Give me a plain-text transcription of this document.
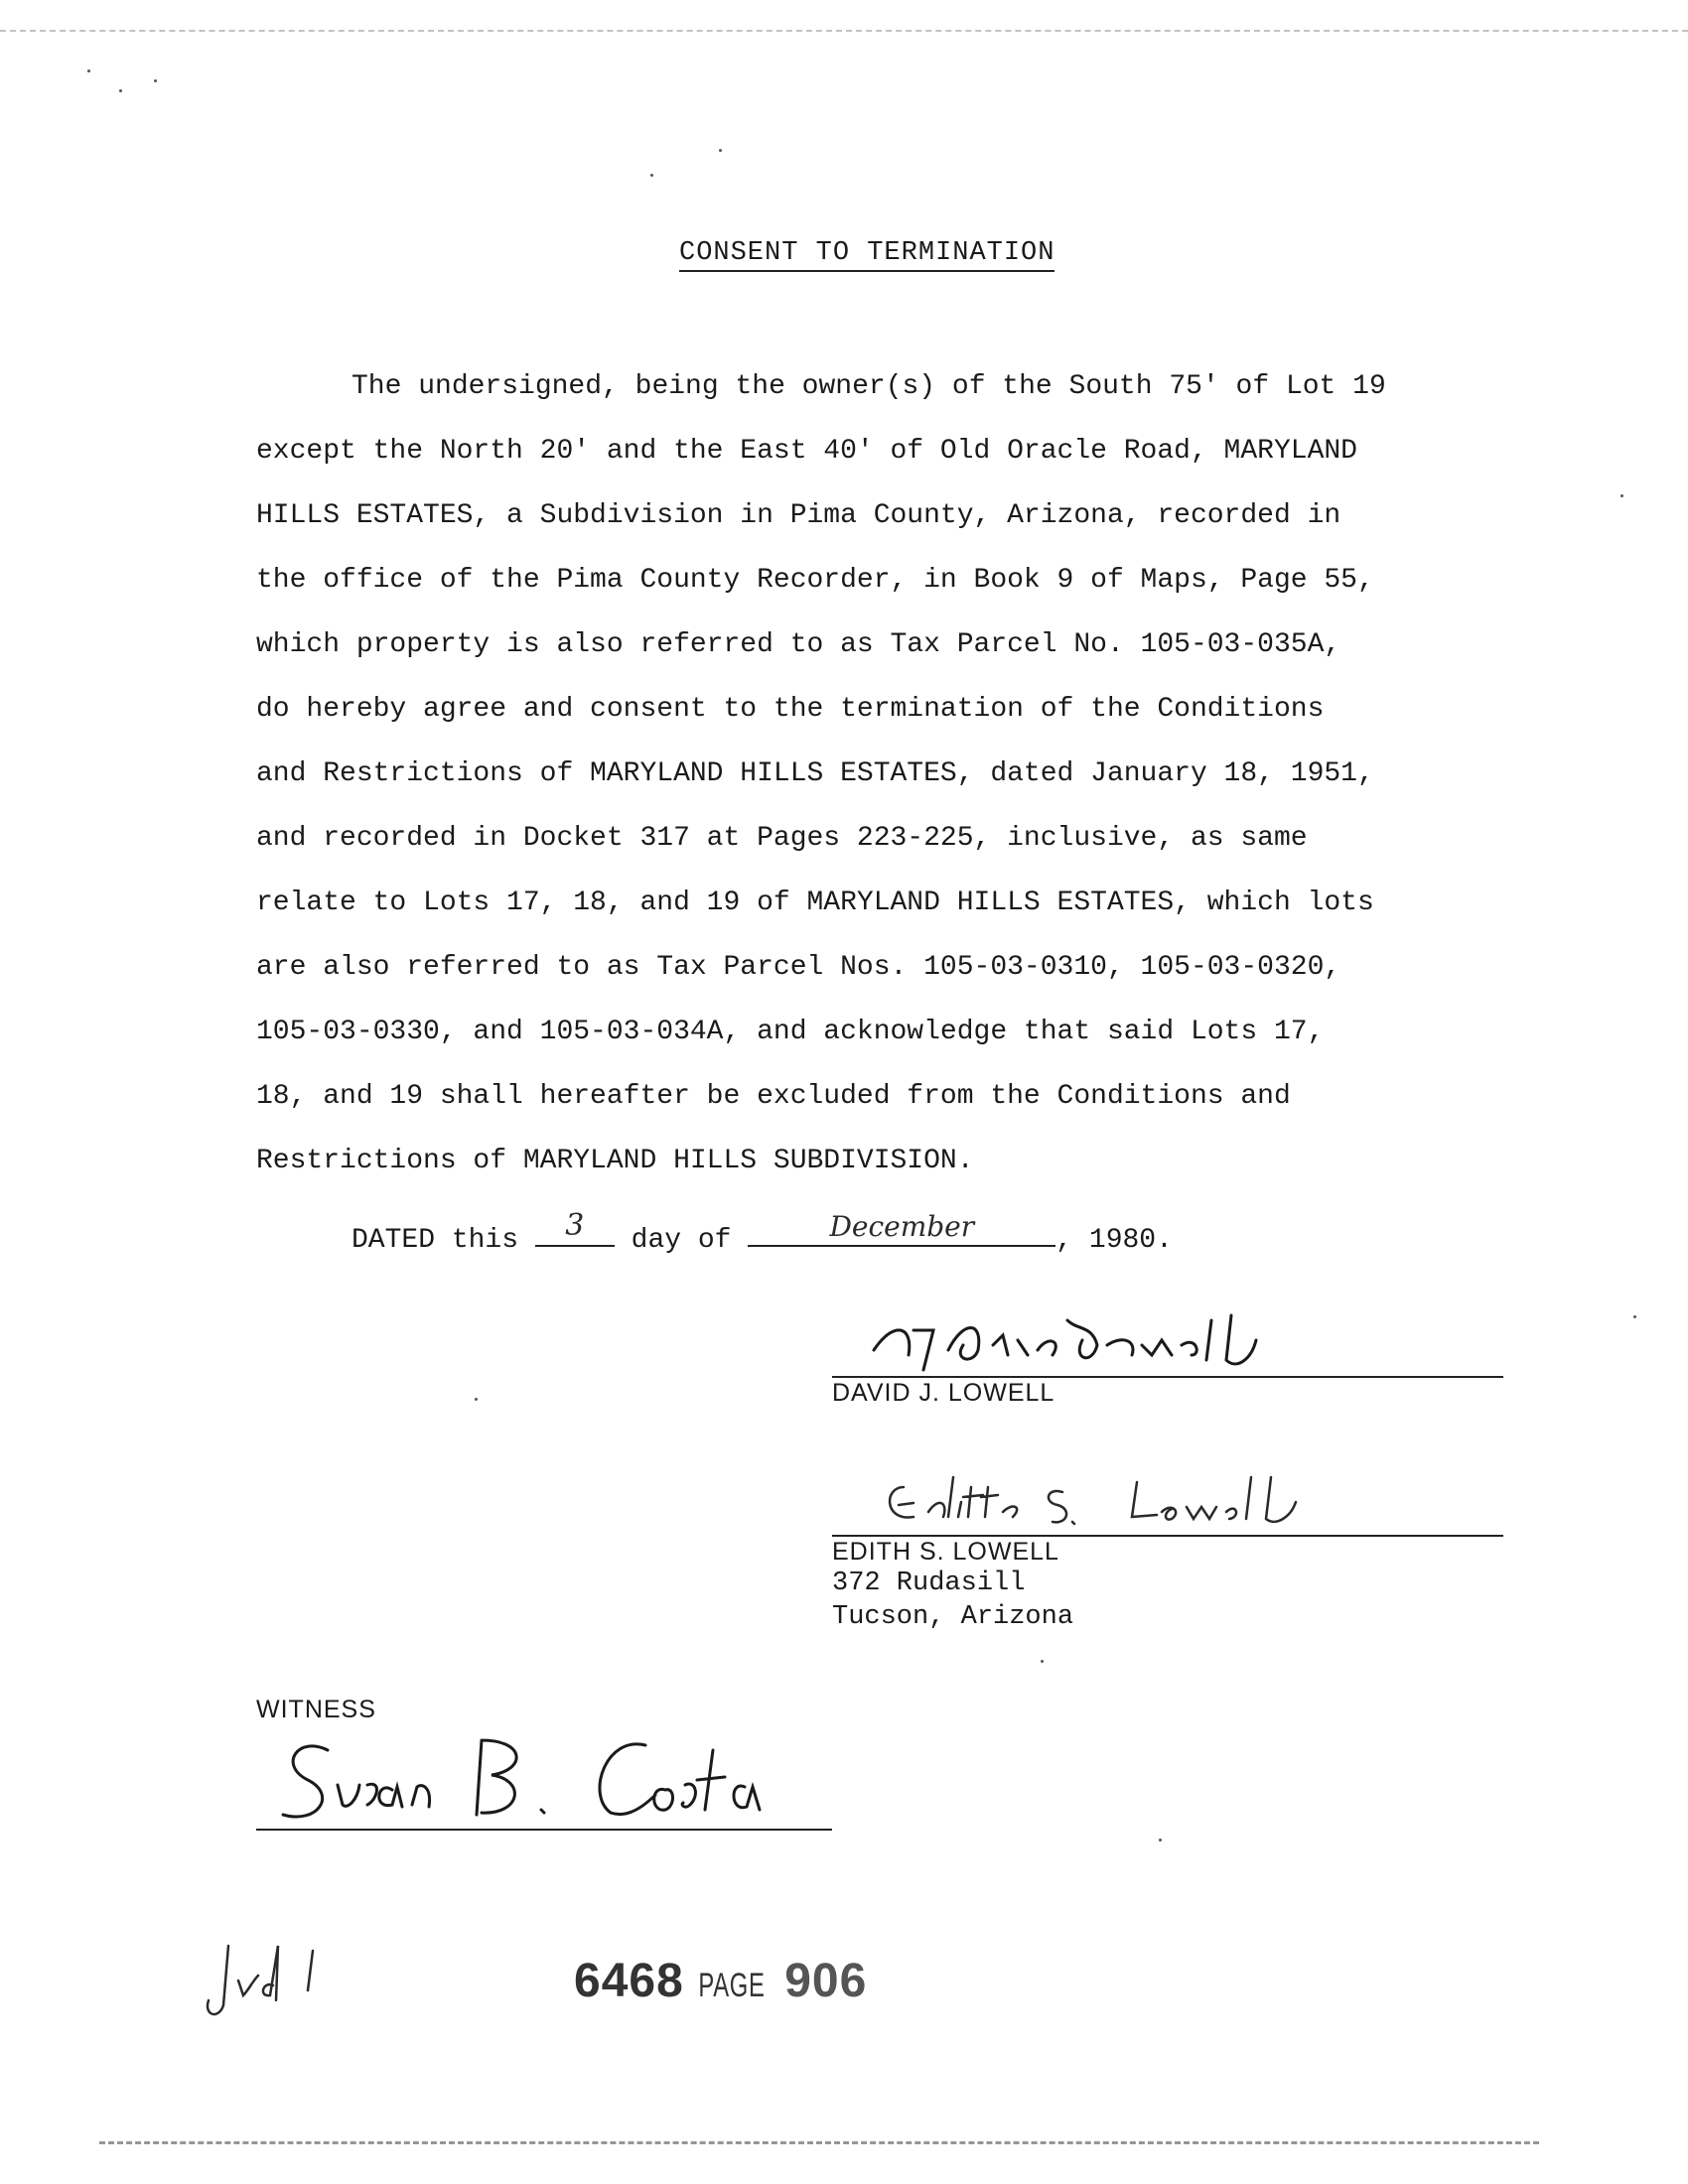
CONSENT TO TERMINATION
The undersigned, being the owner(s) of the South 75' of Lot 19
except the North 20' and the East 40' of Old Oracle Road, MARYLAND
HILLS ESTATES, a Subdivision in Pima County, Arizona, recorded in
the office of the Pima County Recorder, in Book 9 of Maps, Page 55,
which property is also referred to as Tax Parcel No. 105-03-035A,
do hereby agree and consent to the termination of the Conditions
and Restrictions of MARYLAND HILLS ESTATES, dated January 18, 1951,
and recorded in Docket 317 at Pages 223-225, inclusive, as same
relate to Lots 17, 18, and 19 of MARYLAND HILLS ESTATES, which lots
are also referred to as Tax Parcel Nos. 105-03-0310, 105-03-0320,
105-03-0330, and 105-03-034A, and acknowledge that said Lots 17,
18, and 19 shall hereafter be excluded from the Conditions and
Restrictions of MARYLAND HILLS SUBDIVISION.
DATED this	3	day of	December	, 1980.
DAVID J. LOWELL
EDITH S. LOWELL
372 Rudasill
Tucson, Arizona
WITNESS
6468 PAGE 906
